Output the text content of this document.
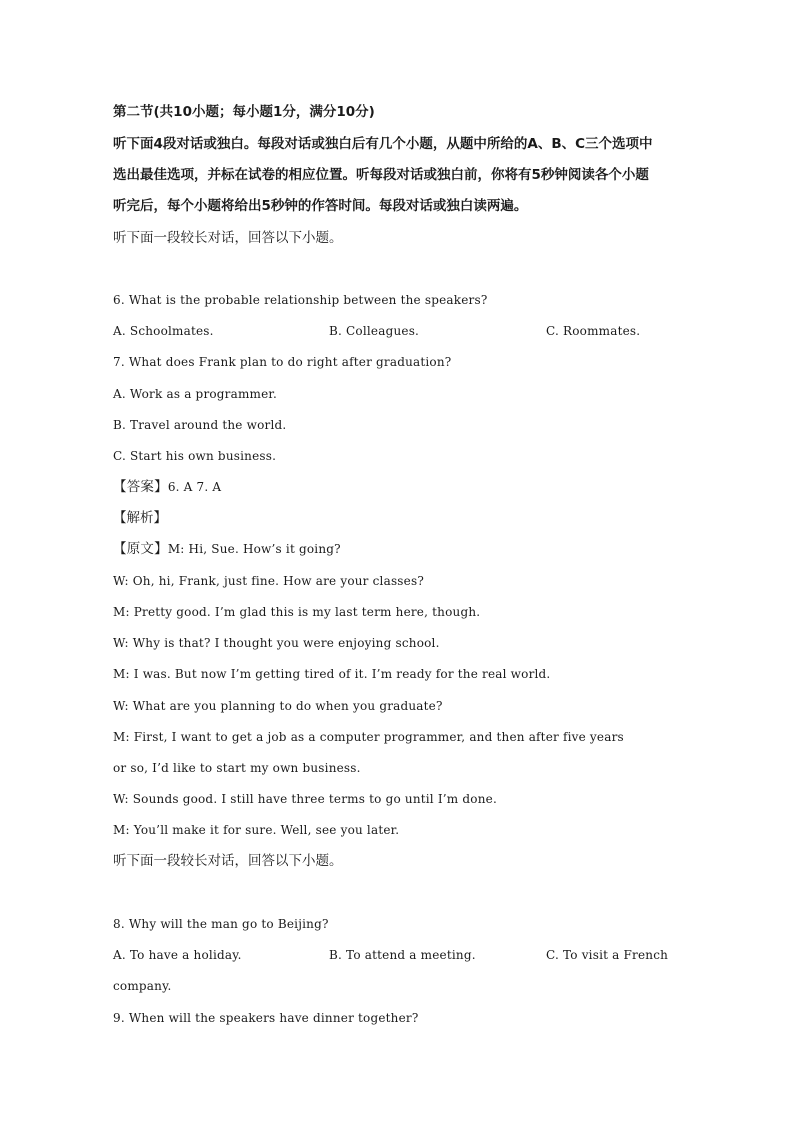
第二节(共10小题；每小题1分，满分10分)
听下面4段对话或独白。每段对话或独白后有几个小题，从题中所给的A、B、C三个选项中
选出最佳选项，并标在试卷的相应位置。听每段对话或独白前，你将有5秒钟阅读各个小题
听完后，每个小题将给出5秒钟的作答时间。每段对话或独白读两遍。
听下面一段较长对话，回答以下小题。
6. What is the probable relationship between the speakers?
A. Schoolmates.	B. Colleagues.	C. Roommates.
7. What does Frank plan to do right after graduation?
A. Work as a programmer.
B. Travel around the world.
C. Start his own business.
【答案】6. A 7. A
【解析】
【原文】M: Hi, Sue. How’s it going?
W: Oh, hi, Frank, just fine. How are your classes?
M: Pretty good. I’m glad this is my last term here, though.
W: Why is that? I thought you were enjoying school.
M: I was. But now I’m getting tired of it. I’m ready for the real world.
W: What are you planning to do when you graduate?
M: First, I want to get a job as a computer programmer, and then after five years
or so, I’d like to start my own business.
W: Sounds good. I still have three terms to go until I’m done.
M: You’ll make it for sure. Well, see you later.
听下面一段较长对话，回答以下小题。
8. Why will the man go to Beijing?
A. To have a holiday.	B. To attend a meeting.	C. To visit a French
company.
9. When will the speakers have dinner together?
